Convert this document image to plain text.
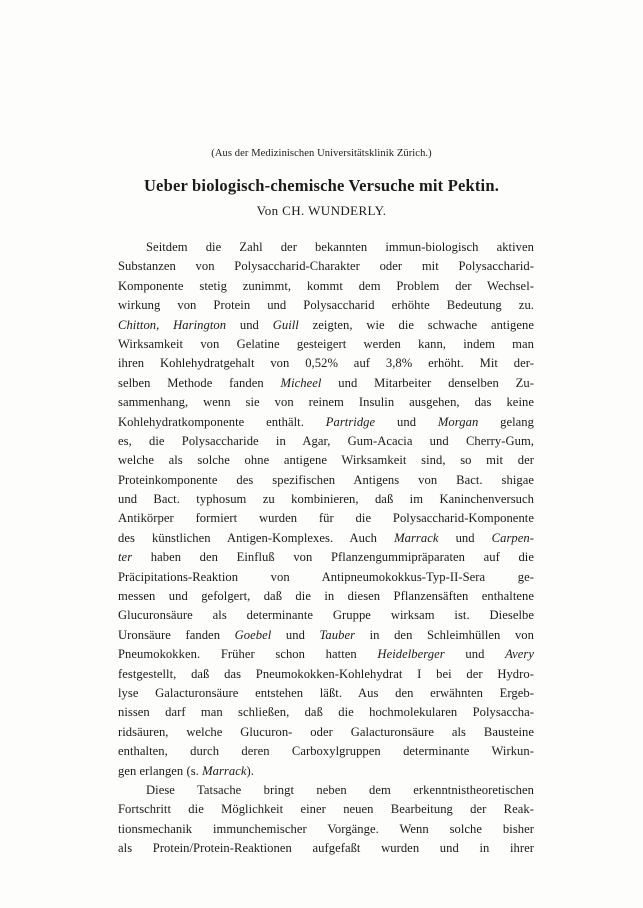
(Aus der Medizinischen Universitätsklinik Zürich.)
Ueber biologisch-chemische Versuche mit Pektin.
Von CH. WUNDERLY.
Seitdem die Zahl der bekannten immun-biologisch aktiven
Substanzen von Polysaccharid-Charakter oder mit Polysaccharid-
Komponente stetig zunimmt, kommt dem Problem der Wechsel-
wirkung von Protein und Polysaccharid erhöhte Bedeutung zu.
Chitton, Harington und Guill zeigten, wie die schwache antigene
Wirksamkeit von Gelatine gesteigert werden kann, indem man
ihren Kohlehydratgehalt von 0,52% auf 3,8% erhöht. Mit der-
selben Methode fanden Micheel und Mitarbeiter denselben Zu-
sammenhang, wenn sie von reinem Insulin ausgehen, das keine
Kohlehydratkomponente enthält. Partridge und Morgan gelang
es, die Polysaccharide in Agar, Gum-Acacia und Cherry-Gum,
welche als solche ohne antigene Wirksamkeit sind, so mit der
Proteinkomponente des spezifischen Antigens von Bact. shigae
und Bact. typhosum zu kombinieren, daß im Kaninchenversuch
Antikörper formiert wurden für die Polysaccharid-Komponente
des künstlichen Antigen-Komplexes. Auch Marrack und Carpen-
ter haben den Einfluß von Pflanzengummipräparaten auf die
Präcipitations-Reaktion von Antipneumokokkus-Typ-II-Sera ge-
messen und gefolgert, daß die in diesen Pflanzensäften enthaltene
Glucuronsäure als determinante Gruppe wirksam ist. Dieselbe
Uronsäure fanden Goebel und Tauber in den Schleimhüllen von
Pneumokokken. Früher schon hatten Heidelberger und Avery
festgestellt, daß das Pneumokokken-Kohlehydrat I bei der Hydro-
lyse Galacturonsäure entstehen läßt. Aus den erwähnten Ergeb-
nissen darf man schließen, daß die hochmolekularen Polysaccha-
ridsäuren, welche Glucuron- oder Galacturonsäure als Bausteine
enthalten, durch deren Carboxylgruppen determinante Wirkun-
gen erlangen (s. Marrack).
Diese Tatsache bringt neben dem erkenntnistheoretischen
Fortschritt die Möglichkeit einer neuen Bearbeitung der Reak-
tionsmechanik immunchemischer Vorgänge. Wenn solche bisher
als Protein/Protein-Reaktionen aufgefaßt wurden und in ihrer
